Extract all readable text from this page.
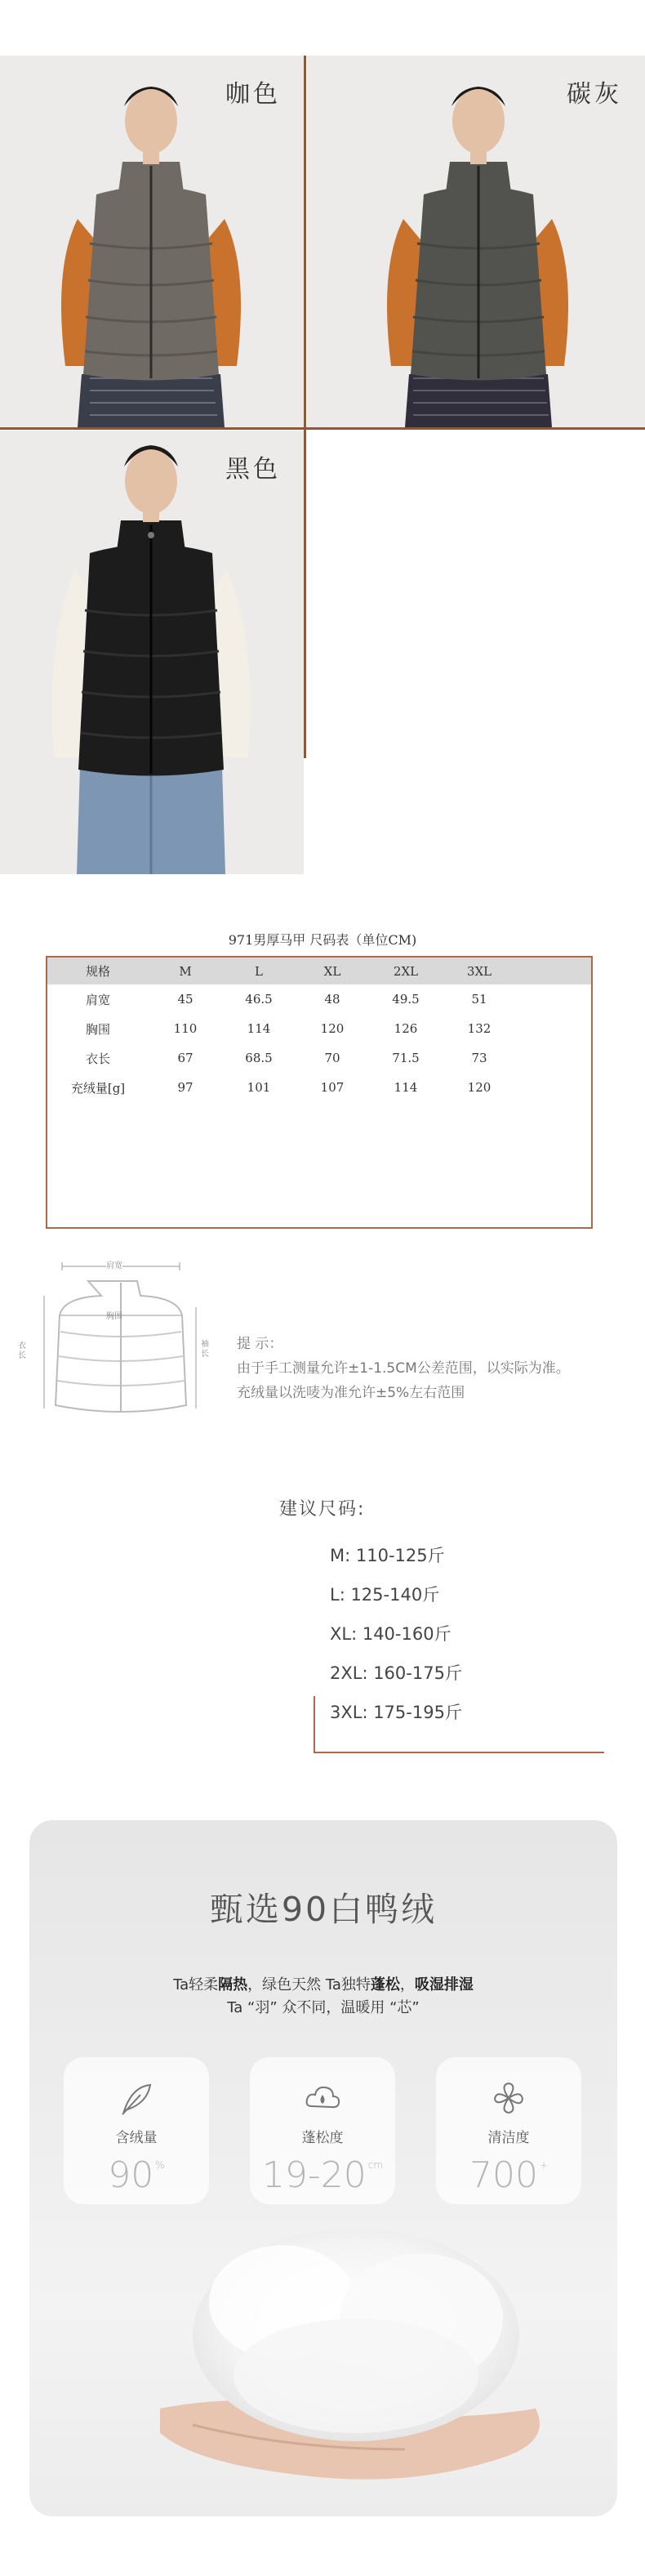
咖色	碳灰
黑色
971男厚马甲 尺码表（单位CM)
规格	M	L	XL	2XL	3XL	
肩宽	45	46.5	48	49.5	51	
胸围	110	114	120	126	132	
衣长	67	68.5	70	71.5	73	
充绒量[g]	97	101	107	114	120	
肩宽
胸围
衣长
袖长
提 示：
由于手工测量允许±1-1.5CM公差范围，以实际为准。
充绒量以洗唛为准允许±5%左右范围
建议尺码:
M: 110-125斤
L: 125-140斤
XL: 140-160斤
2XL: 160-175斤
3XL: 175-195斤
甄选90白鸭绒
Ta轻柔隔热，绿色天然 Ta独特蓬松，吸湿排湿
Ta “羽” 众不同，温暖用 “芯”
含绒量
90 %
蓬松度
19-20 $^{cm}$
清洁度
700 +
